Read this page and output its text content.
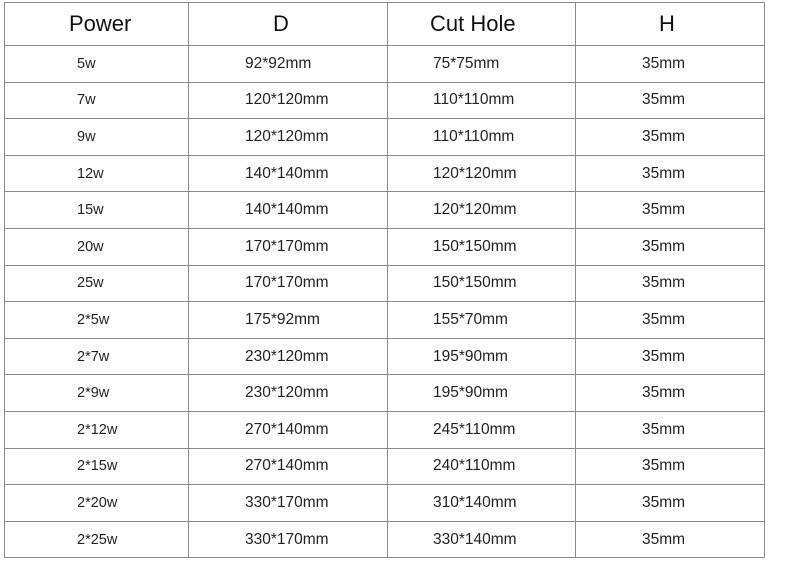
Power	D	Cut Hole	H
5w	92*92mm	75*75mm	35mm
7w	120*120mm	110*110mm	35mm
9w	120*120mm	110*110mm	35mm
12w	140*140mm	120*120mm	35mm
15w	140*140mm	120*120mm	35mm
20w	170*170mm	150*150mm	35mm
25w	170*170mm	150*150mm	35mm
2*5w	175*92mm	155*70mm	35mm
2*7w	230*120mm	195*90mm	35mm
2*9w	230*120mm	195*90mm	35mm
2*12w	270*140mm	245*110mm	35mm
2*15w	270*140mm	240*110mm	35mm
2*20w	330*170mm	310*140mm	35mm
2*25w	330*170mm	330*140mm	35mm
